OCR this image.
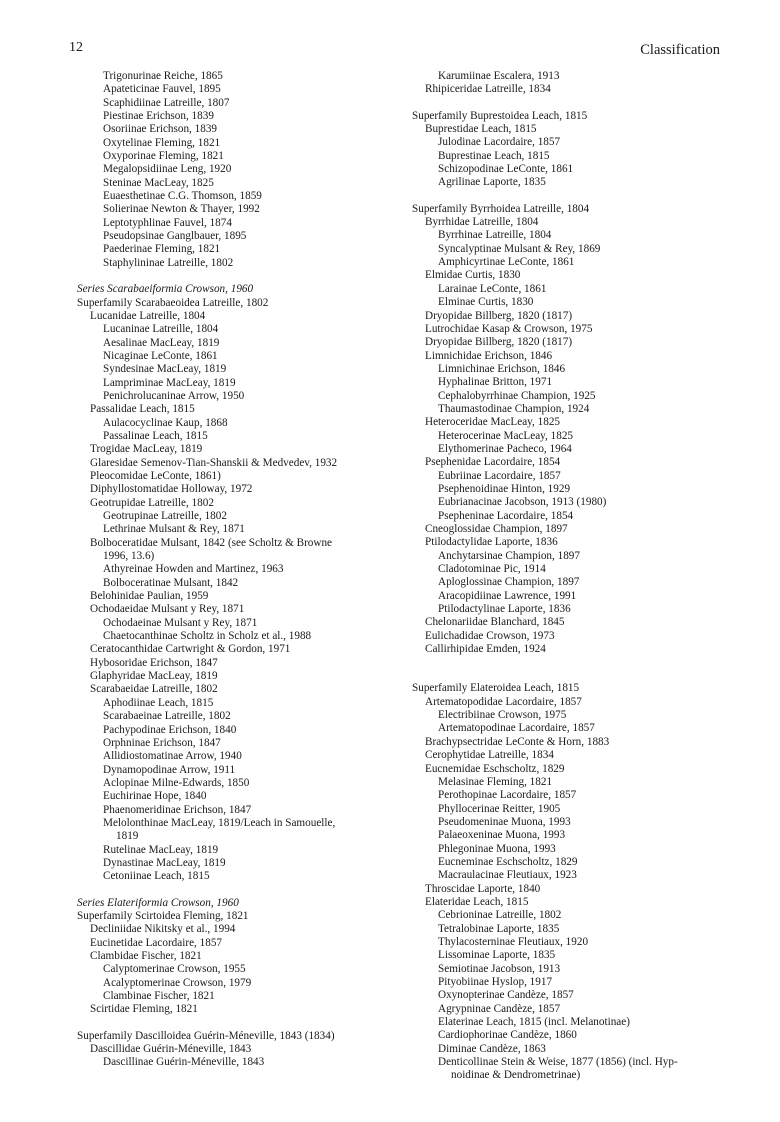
12	Classification
Trigonurinae Reiche, 1865
Apateticinae Fauvel, 1895
Scaphidiinae Latreille, 1807
Piestinae Erichson, 1839
Osoriinae Erichson, 1839
Oxytelinae Fleming, 1821
Oxyporinae Fleming, 1821
Megalopsidiinae Leng, 1920
Steninae MacLeay, 1825
Euaesthetinae C.G. Thomson, 1859
Solierinae Newton & Thayer, 1992
Leptotyphlinae Fauvel, 1874
Pseudopsinae Ganglbauer, 1895
Paederinae Fleming, 1821
Staphylininae Latreille, 1802
Series Scarabaeiformia Crowson, 1960
Superfamily Scarabaeoidea Latreille, 1802
Lucanidae Latreille, 1804
Lucaninae Latreille, 1804
Aesalinae MacLeay, 1819
Nicaginae LeConte, 1861
Syndesinae MacLeay, 1819
Lampriminae MacLeay, 1819
Penichrolucaninae Arrow, 1950
Passalidae Leach, 1815
Aulacocyclinae Kaup, 1868
Passalinae Leach, 1815
Trogidae MacLeay, 1819
Glaresidae Semenov-Tian-Shanskii & Medvedev, 1932
Pleocomidae LeConte, 1861)
Diphyllostomatidae Holloway, 1972
Geotrupidae Latreille, 1802
Geotrupinae Latreille, 1802
Lethrinae Mulsant & Rey, 1871
Bolboceratidae Mulsant, 1842 (see Scholtz & Browne
1996, 13.6)
Athyreinae Howden and Martinez, 1963
Bolboceratinae Mulsant, 1842
Belohinidae Paulian, 1959
Ochodaeidae Mulsant y Rey, 1871
Ochodaeinae Mulsant y Rey, 1871
Chaetocanthinae Scholtz in Scholz et al., 1988
Ceratocanthidae Cartwright & Gordon, 1971
Hybosoridae Erichson, 1847
Glaphyridae MacLeay, 1819
Scarabaeidae Latreille, 1802
Aphodiinae Leach, 1815
Scarabaeinae Latreille, 1802
Pachypodinae Erichson, 1840
Orphninae Erichson, 1847
Allidiostomatinae Arrow, 1940
Dynamopodinae Arrow, 1911
Aclopinae Milne-Edwards, 1850
Euchirinae Hope, 1840
Phaenomeridinae Erichson, 1847
Melolonthinae MacLeay, 1819/Leach in Samouelle,
1819
Rutelinae MacLeay, 1819
Dynastinae MacLeay, 1819
Cetoniinae Leach, 1815
Series Elateriformia Crowson, 1960
Superfamily Scirtoidea Fleming, 1821
Decliniidae Nikitsky et al., 1994
Eucinetidae Lacordaire, 1857
Clambidae Fischer, 1821
Calyptomerinae Crowson, 1955
Acalyptomerinae Crowson, 1979
Clambinae Fischer, 1821
Scirtidae Fleming, 1821
Superfamily Dascilloidea Guérin-Méneville, 1843 (1834)
Dascillidae Guérin-Méneville, 1843
Dascillinae Guérin-Méneville, 1843
Karumiinae Escalera, 1913
Rhipiceridae Latreille, 1834
Superfamily Buprestoidea Leach, 1815
Buprestidae Leach, 1815
Julodinae Lacordaire, 1857
Buprestinae Leach, 1815
Schizopodinae LeConte, 1861
Agrilinae Laporte, 1835
Superfamily Byrrhoidea Latreille, 1804
Byrrhidae Latreille, 1804
Byrrhinae Latreille, 1804
Syncalyptinae Mulsant & Rey, 1869
Amphicyrtinae LeConte, 1861
Elmidae Curtis, 1830
Larainae LeConte, 1861
Elminae Curtis, 1830
Dryopidae Billberg, 1820 (1817)
Lutrochidae Kasap & Crowson, 1975
Dryopidae Billberg, 1820 (1817)
Limnichidae Erichson, 1846
Limnichinae Erichson, 1846
Hyphalinae Britton, 1971
Cephalobyrrhinae Champion, 1925
Thaumastodinae Champion, 1924
Heteroceridae MacLeay, 1825
Heterocerinae MacLeay, 1825
Elythomerinae Pacheco, 1964
Psephenidae Lacordaire, 1854
Eubriinae Lacordaire, 1857
Psephenoidinae Hinton, 1929
Eubrianacinae Jacobson, 1913 (1980)
Psepheninae Lacordaire, 1854
Cneoglossidae Champion, 1897
Ptilodactylidae Laporte, 1836
Anchytarsinae Champion, 1897
Cladotominae Pic, 1914
Aploglossinae Champion, 1897
Aracopidiinae Lawrence, 1991
Ptilodactylinae Laporte, 1836
Chelonariidae Blanchard, 1845
Eulichadidae Crowson, 1973
Callirhipidae Emden, 1924
Superfamily Elateroidea Leach, 1815
Artematopodidae Lacordaire, 1857
Electribiinae Crowson, 1975
Artematopodinae Lacordaire, 1857
Brachypsectridae LeConte & Horn, 1883
Cerophytidae Latreille, 1834
Eucnemidae Eschscholtz, 1829
Melasinae Fleming, 1821
Perothopinae Lacordaire, 1857
Phyllocerinae Reitter, 1905
Pseudomeninae Muona, 1993
Palaeoxeninae Muona, 1993
Phlegoninae Muona, 1993
Eucneminae Eschscholtz, 1829
Macraulacinae Fleutiaux, 1923
Throscidae Laporte, 1840
Elateridae Leach, 1815
Cebrioninae Latreille, 1802
Tetralobinae Laporte, 1835
Thylacosterninae Fleutiaux, 1920
Lissominae Laporte, 1835
Semiotinae Jacobson, 1913
Pityobiinae Hyslop, 1917
Oxynopterinae Candèze, 1857
Agrypninae Candèze, 1857
Elaterinae Leach, 1815 (incl. Melanotinae)
Cardiophorinae Candèze, 1860
Diminae Candèze, 1863
Denticollinae Stein & Weise, 1877 (1856) (incl. Hyp-
noidinae & Dendrometrinae)
